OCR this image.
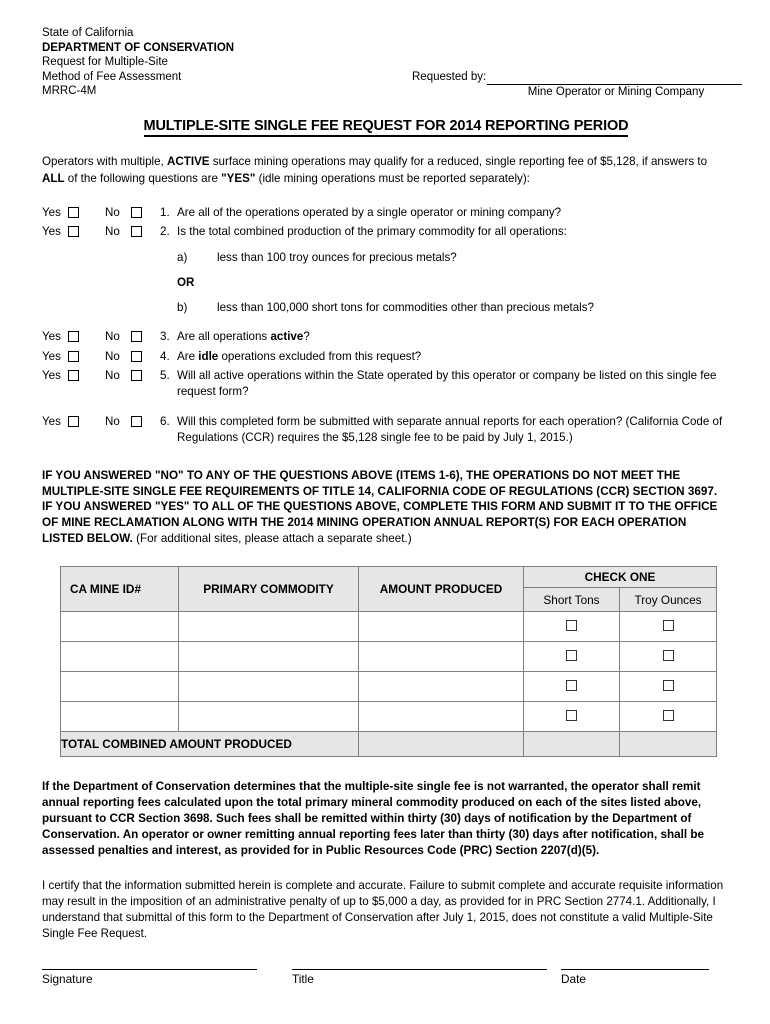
State of California
DEPARTMENT OF CONSERVATION
Request for Multiple-Site
Method of Fee Assessment
MRRC-4M
Requested by:
Mine Operator or Mining Company
MULTIPLE-SITE SINGLE FEE REQUEST FOR 2014 REPORTING PERIOD
Operators with multiple, ACTIVE surface mining operations may qualify for a reduced, single reporting fee of $5,128, if answers to ALL of the following questions are "YES" (idle mining operations must be reported separately):
Yes	No	1. Are all of the operations operated by a single operator or mining company?
Yes	No	2. Is the total combined production of the primary commodity for all operations:
a)	less than 100 troy ounces for precious metals?
OR
b)	less than 100,000 short tons for commodities other than precious metals?
Yes	No	3. Are all operations active?
Yes	No	4. Are idle operations excluded from this request?
Yes	No	5. Will all active operations within the State operated by this operator or company be listed on this single fee request form?
Yes	No	6. Will this completed form be submitted with separate annual reports for each operation? (California Code of Regulations (CCR) requires the $5,128 single fee to be paid by July 1, 2015.)
IF YOU ANSWERED "NO" TO ANY OF THE QUESTIONS ABOVE (ITEMS 1-6), THE OPERATIONS DO NOT MEET THE MULTIPLE-SITE SINGLE FEE REQUIREMENTS OF TITLE 14, CALIFORNIA CODE OF REGULATIONS (CCR) SECTION 3697. IF YOU ANSWERED "YES" TO ALL OF THE QUESTIONS ABOVE, COMPLETE THIS FORM AND SUBMIT IT TO THE OFFICE OF MINE RECLAMATION ALONG WITH THE 2014 MINING OPERATION ANNUAL REPORT(S) FOR EACH OPERATION LISTED BELOW. (For additional sites, please attach a separate sheet.)
CA MINE ID#	PRIMARY COMMODITY	AMOUNT PRODUCED	CHECK ONE	
			Short Tons	Troy Ounces

TOTAL COMBINED AMOUNT PRODUCED				
If the Department of Conservation determines that the multiple-site single fee is not warranted, the operator shall remit annual reporting fees calculated upon the total primary mineral commodity produced on each of the sites listed above, pursuant to CCR Section 3698. Such fees shall be remitted within thirty (30) days of notification by the Department of Conservation. An operator or owner remitting annual reporting fees later than thirty (30) days after notification, shall be assessed penalties and interest, as provided for in Public Resources Code (PRC) Section 2207(d)(5).
I certify that the information submitted herein is complete and accurate. Failure to submit complete and accurate requisite information may result in the imposition of an administrative penalty of up to $5,000 a day, as provided for in PRC Section 2774.1. Additionally, I understand that submittal of this form to the Department of Conservation after July 1, 2015, does not constitute a valid Multiple-Site Single Fee Request.
Signature	Title	Date
